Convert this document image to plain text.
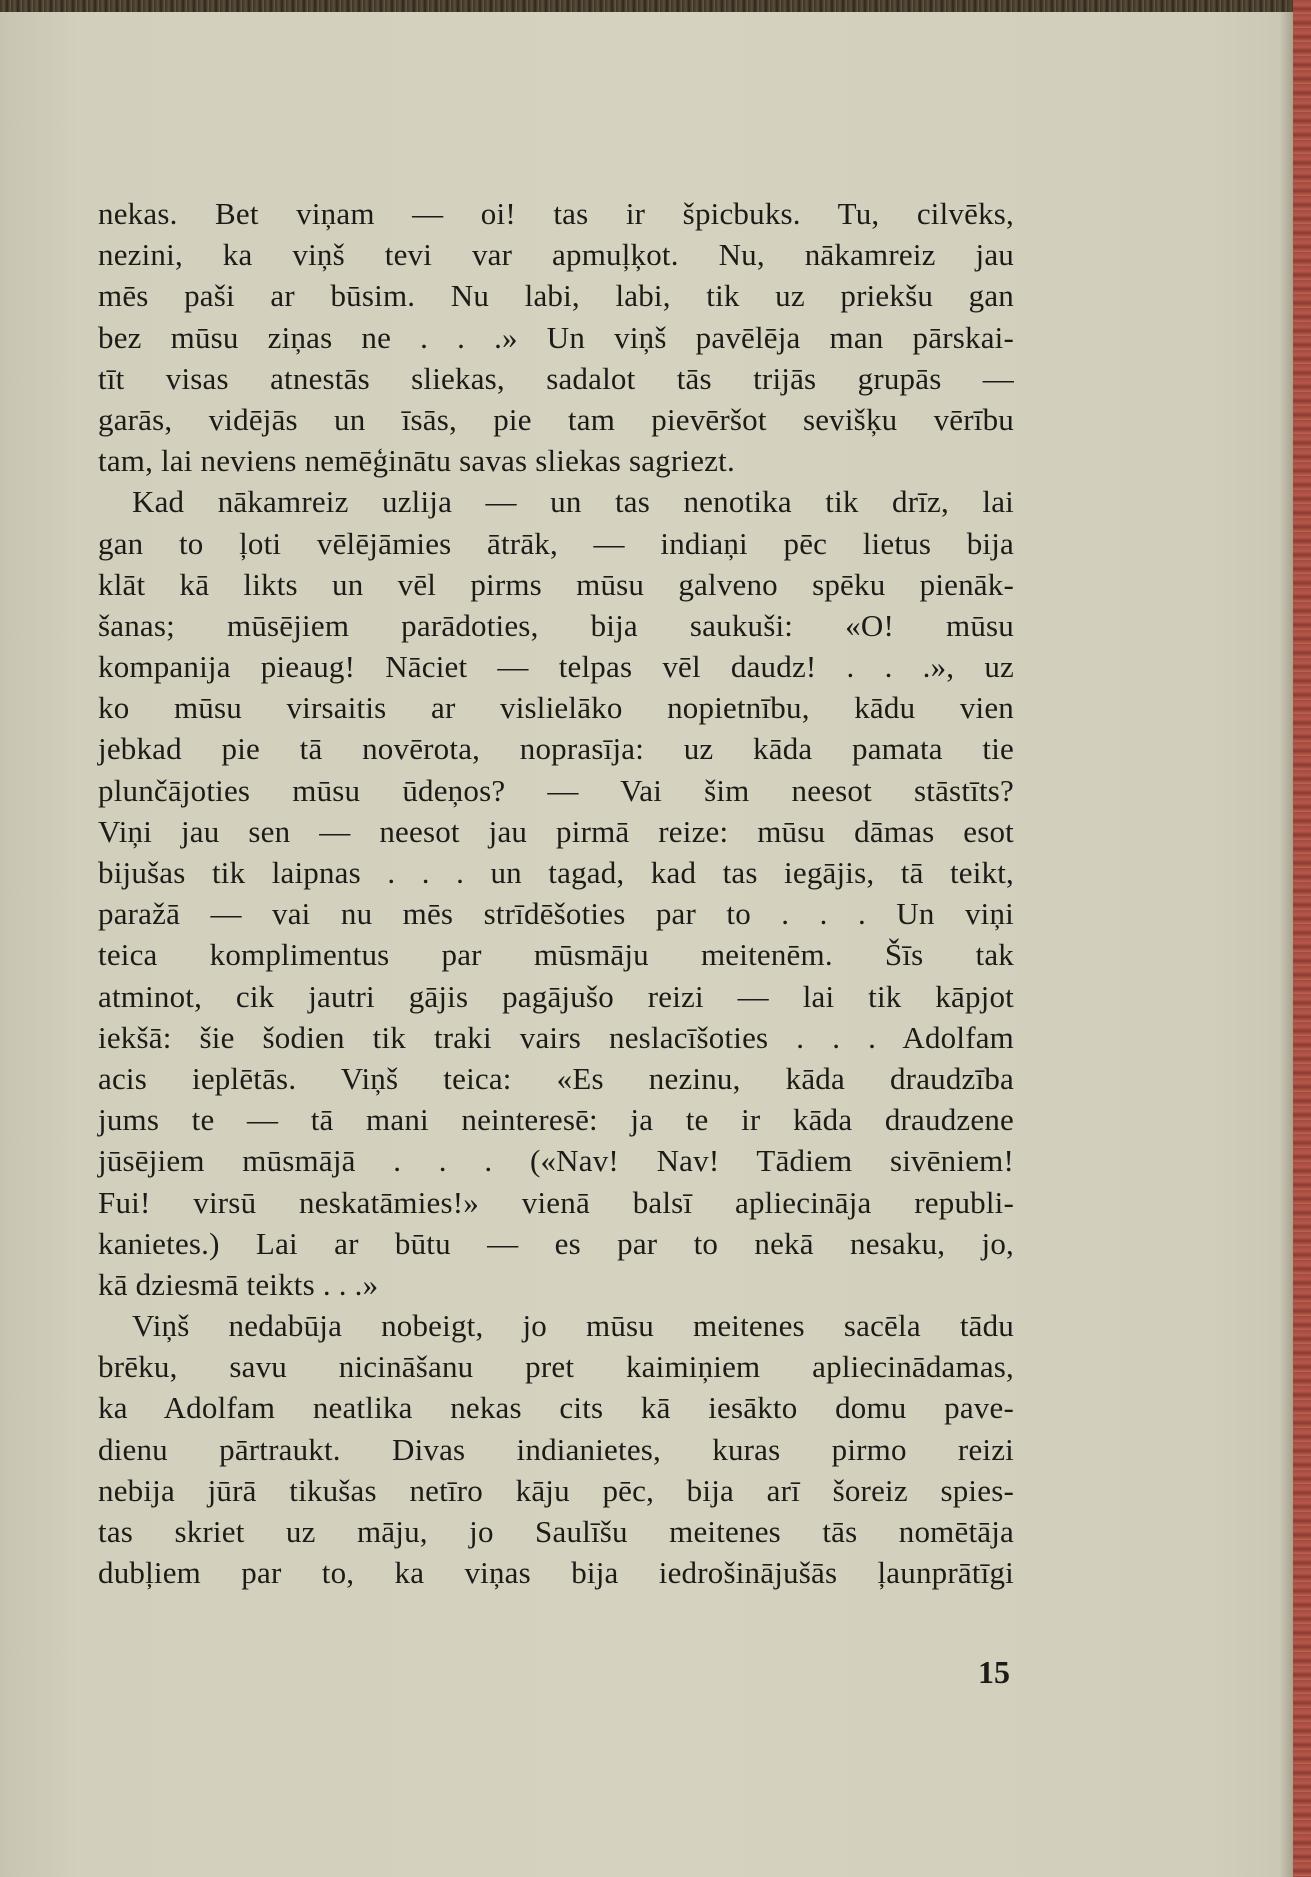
nekas. Bet viņam — oi! tas ir špicbuks. Tu, cilvēks,
nezini, ka viņš tevi var apmuļķot. Nu, nākamreiz jau
mēs paši ar būsim. Nu labi, labi, tik uz priekšu gan
bez mūsu ziņas ne . . .» Un viņš pavēlēja man pārskai-
tīt visas atnestās sliekas, sadalot tās trijās grupās —
garās, vidējās un īsās, pie tam pievēršot sevišķu vērību
tam, lai neviens nemēģinātu savas sliekas sagriezt.
Kad nākamreiz uzlija — un tas nenotika tik drīz, lai
gan to ļoti vēlējāmies ātrāk, — indiaņi pēc lietus bija
klāt kā likts un vēl pirms mūsu galveno spēku pienāk-
šanas; mūsējiem parādoties, bija saukuši: «O! mūsu
kompanija pieaug! Nāciet — telpas vēl daudz! . . .», uz
ko mūsu virsaitis ar vislielāko nopietnību, kādu vien
jebkad pie tā novērota, noprasīja: uz kāda pamata tie
plunčājoties mūsu ūdeņos? — Vai šim neesot stāstīts?
Viņi jau sen — neesot jau pirmā reize: mūsu dāmas esot
bijušas tik laipnas . . . un tagad, kad tas iegājis, tā teikt,
paražā — vai nu mēs strīdēšoties par to . . . Un viņi
teica komplimentus par mūsmāju meitenēm. Šīs tak
atminot, cik jautri gājis pagājušo reizi — lai tik kāpjot
iekšā: šie šodien tik traki vairs neslacīšoties . . . Adolfam
acis ieplētās. Viņš teica: «Es nezinu, kāda draudzība
jums te — tā mani neinteresē: ja te ir kāda draudzene
jūsējiem mūsmājā . . . («Nav! Nav! Tādiem sivēniem!
Fui! virsū neskatāmies!» vienā balsī apliecināja republi-
kanietes.) Lai ar būtu — es par to nekā nesaku, jo,
kā dziesmā teikts . . .»
Viņš nedabūja nobeigt, jo mūsu meitenes sacēla tādu
brēku, savu nicināšanu pret kaimiņiem apliecinādamas,
ka Adolfam neatlika nekas cits kā iesākto domu pave-
dienu pārtraukt. Divas indianietes, kuras pirmo reizi
nebija jūrā tikušas netīro kāju pēc, bija arī šoreiz spies-
tas skriet uz māju, jo Saulīšu meitenes tās nomētāja
dubļiem par to, ka viņas bija iedrošinājušās ļaunprātīgi
15
